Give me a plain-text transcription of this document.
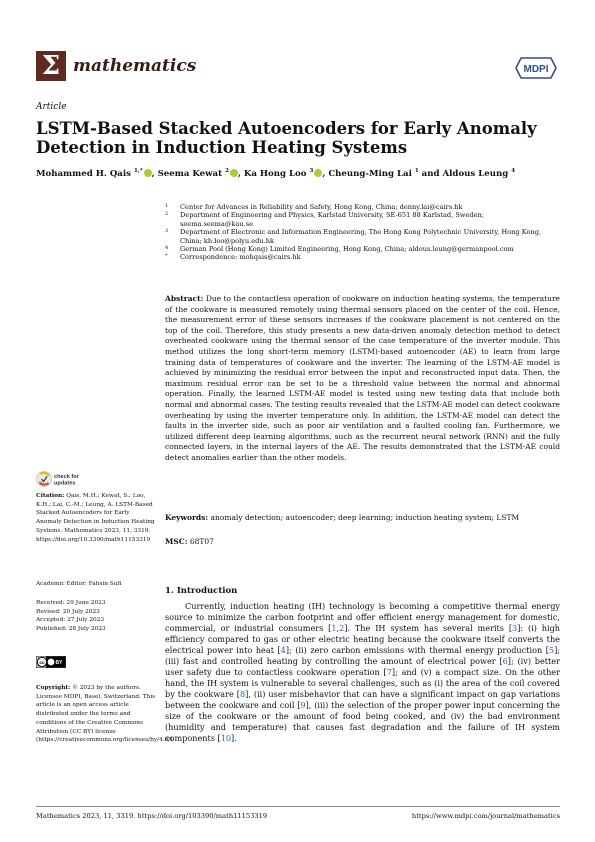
Σ mathematics	MDPI
Article
LSTM-Based Stacked Autoencoders for Early Anomaly Detection in Induction Heating Systems
Mohammed H. Qais $^{1,*}$ , Seema Kewat $^2$ , Ka Hong Loo $^3$ , Cheung-Ming Lai $^1$ and Aldous Leung $^4$
1 Center for Advances in Reliability and Safety, Hong Kong, China; denny.lai@cairs.hk
2 Department of Engineering and Physics, Karlstad University, SE-651 88 Karlstad, Sweden; seema.seema@kau.se
3 Department of Electronic and Information Engineering, The Hong Kong Polytechnic University, Hong Kong, China; kh.loo@polyu.edu.hk
4 German Pool (Hong Kong) Limited Engineering, Hong Kong, China; aldous.leung@germanpool.com
* Correspondence: mohqais@cairs.hk
Abstract: Due to the contactless operation of cookware on induction heating systems, the temperature of the cookware is measured remotely using thermal sensors placed on the center of the coil. Hence, the measurement error of these sensors increases if the cookware placement is not centered on the top of the coil. Therefore, this study presents a new data-driven anomaly detection method to detect overheated cookware using the thermal sensor of the case temperature of the inverter module. This method utilizes the long short-term memory (LSTM)-based autoencoder (AE) to learn from large training data of temperatures of cookware and the inverter. The learning of the LSTM-AE model is achieved by minimizing the residual error between the input and reconstructed input data. Then, the maximum residual error can be set to be a threshold value between the normal and abnormal operation. Finally, the learned LSTM-AE model is tested using new testing data that include both normal and abnormal cases. The testing results revealed that the LSTM-AE model can detect cookware overheating by using the inverter temperature only. In addition, the LSTM-AE model can detect the faults in the inverter side, such as poor air ventilation and a faulted cooling fan. Furthermore, we utilized different deep learning algorithms, such as the recurrent neural network (RNN) and the fully connected layers, in the internal layers of the AE. The results demonstrated that the LSTM-AE could detect anomalies earlier than the other models.
Keywords: anomaly detection; autoencoder; deep learning; induction heating system; LSTM
MSC: 68T07
1. Introduction
Currently, induction heating (IH) technology is becoming a competitive thermal energy source to minimize the carbon footprint and offer efficient energy management for domestic, commercial, or industrial consumers [1,2]. The IH system has several merits [3]: (i) high efficiency compared to gas or other electric heating because the cookware itself converts the electrical power into heat [4]; (ii) zero carbon emissions with thermal energy production [5]; (iii) fast and controlled heating by controlling the amount of electrical power [6]; (iv) better user safety due to contactless cookware operation [7]; and (v) a compact size. On the other hand, the IH system is vulnerable to several challenges, such as (i) the area of the coil covered by the cookware [8], (ii) user misbehavior that can have a significant impact on gap variations between the cookware and coil [9], (iii) the selection of the proper power input concerning the size of the cookware or the amount of food being cooked, and (iv) the bad environment (humidity and temperature) that causes fast degradation and the failure of IH system components [10].
check for
updates
Citation: Qais, M.H.; Kewat, S.; Loo, K.H.; Lai, C.-M.; Leung, A. LSTM-Based Stacked Autoencoders for Early Anomaly Detection in Induction Heating Systems. Mathematics 2023, 11, 3319. https://doi.org/10.3390/math11153319
Academic Editor: Fahsin Sufi
Received: 29 June 2023
Revised: 20 July 2023
Accepted: 27 July 2023
Published: 28 July 2023
cc BY
Copyright: © 2023 by the authors. Licensee MDPI, Basel, Switzerland. This article is an open access article distributed under the terms and conditions of the Creative Commons Attribution (CC BY) license (https://creativecommons.org/licenses/by/4.0/).
Mathematics 2023, 11, 3319. https://doi.org/103390/math11153319	https://www.mdpi.com/journal/mathematics
